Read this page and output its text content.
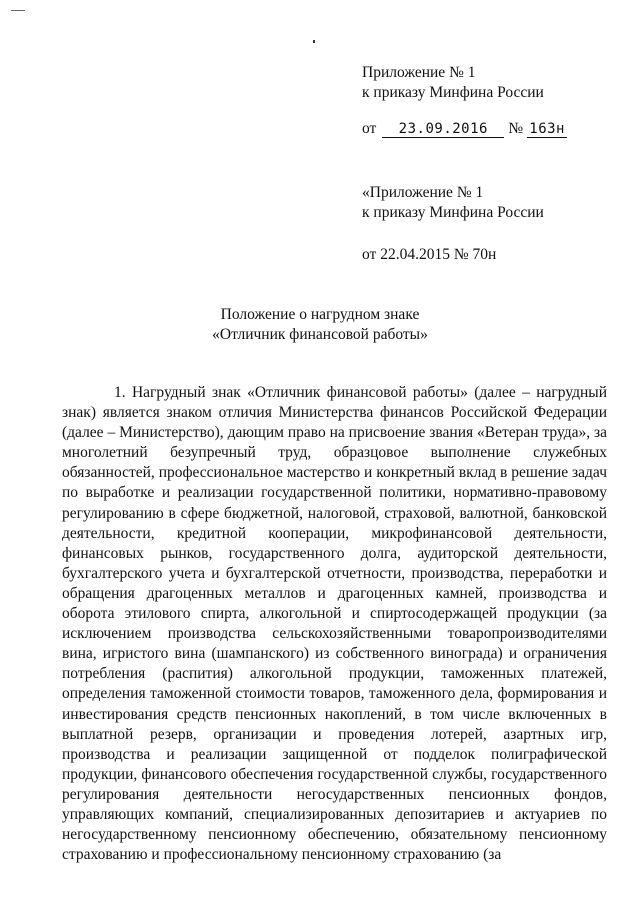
Приложение № 1
к приказу Минфина России
от 23.09.2016 № 163н
«Приложение № 1
к приказу Минфина России
от 22.04.2015 № 70н
Положение о нагрудном знаке
«Отличник финансовой работы»
1. Нагрудный знак «Отличник финансовой работы» (далее – нагрудный знак) является знаком отличия Министерства финансов Российской Федерации (далее – Министерство), дающим право на присвоение звания «Ветеран труда», за многолетний безупречный труд, образцовое выполнение служебных обязанностей, профессиональное мастерство и конкретный вклад в решение задач по выработке и реализации государственной политики, нормативно-правовому регулированию в сфере бюджетной, налоговой, страховой, валютной, банковской деятельности, кредитной кооперации, микрофинансовой деятельности, финансовых рынков, государственного долга, аудиторской деятельности, бухгалтерского учета и бухгалтерской отчетности, производства, переработки и обращения драгоценных металлов и драгоценных камней, производства и оборота этилового спирта, алкогольной и спиртосодержащей продукции (за исключением производства сельскохозяйственными товаропроизводителями вина, игристого вина (шампанского) из собственного винограда) и ограничения потребления (распития) алкогольной продукции, таможенных платежей, определения таможенной стоимости товаров, таможенного дела, формирования и инвестирования средств пенсионных накоплений, в том числе включенных в выплатной резерв, организации и проведения лотерей, азартных игр, производства и реализации защищенной от подделок полиграфической продукции, финансового обеспечения государственной службы, государственного регулирования деятельности негосударственных пенсионных фондов, управляющих компаний, специализированных депозитариев и актуариев по негосударственному пенсионному обеспечению, обязательному пенсионному страхованию и профессиональному пенсионному страхованию (за
